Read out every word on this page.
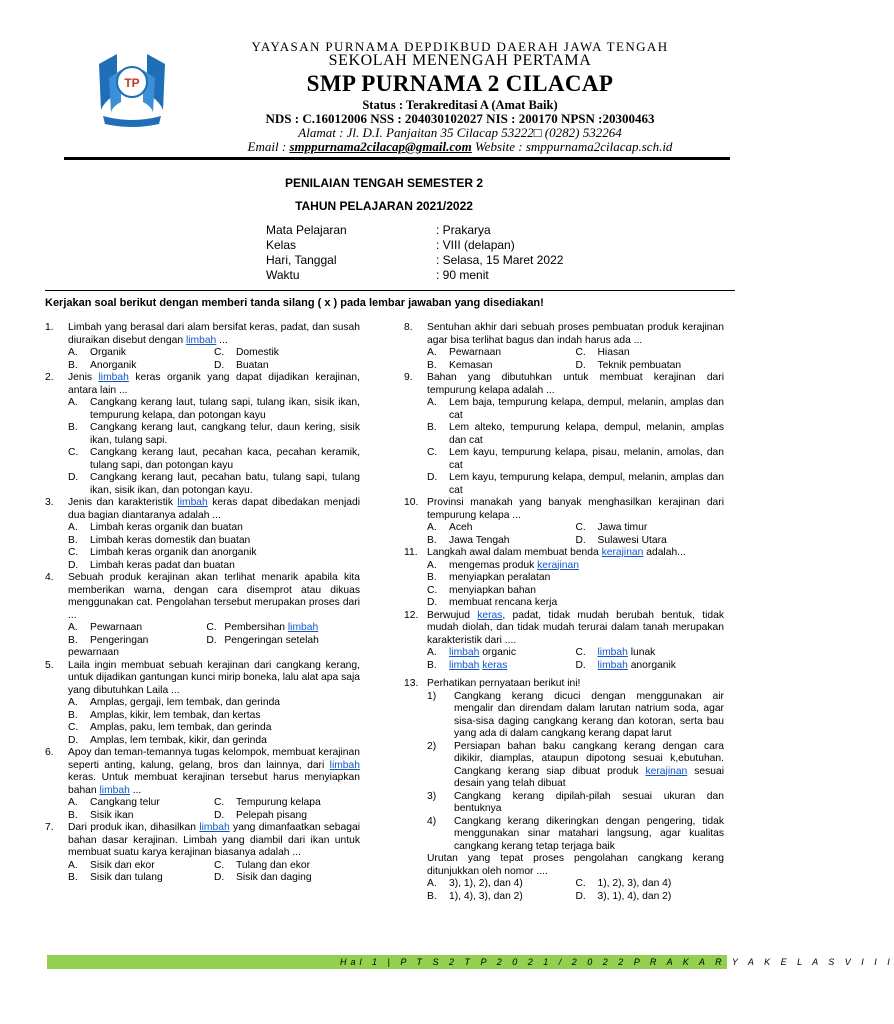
TP
YAYASAN PURNAMA DEPDIKBUD DAERAH JAWA TENGAH
SEKOLAH MENENGAH PERTAMA
SMP PURNAMA 2 CILACAP
Status : Terakreditasi A (Amat Baik)
NDS : C.16012006 NSS : 204030102027 NIS : 200170 NPSN :20300463
Alamat : Jl. D.I. Panjaitan 35 Cilacap 53222□ (0282) 532264
Email : smppurnama2cilacap@gmail.com Website : smppurnama2cilacap.sch.id
PENILAIAN TENGAH SEMESTER 2
TAHUN PELAJARAN 2021/2022
Mata Pelajaran	: Prakarya
Kelas	: VIII (delapan)
Hari, Tanggal	: Selasa, 15 Maret 2022
Waktu	: 90 menit
Kerjakan soal berikut dengan memberi tanda silang ( x ) pada lembar jawaban yang disediakan!
1.	Limbah yang berasal dari alam bersifat keras, padat, dan susah diuraikan disebut dengan limbah ...
A.	Organik	C.	Domestik
B.	Anorganik	D.	Buatan
2.	Jenis limbah keras organik yang dapat dijadikan kerajinan, antara lain ...
A.	Cangkang kerang laut, tulang sapi, tulang ikan, sisik ikan, tempurung kelapa, dan potongan kayu
B.	Cangkang kerang laut, cangkang telur, daun kering, sisik ikan, tulang sapi.
C.	Cangkang kerang laut, pecahan kaca, pecahan keramik, tulang sapi, dan potongan kayu
D.	Cangkang kerang laut, pecahan batu, tulang sapi, tulang ikan, sisik ikan, dan potongan kayu.
3.	Jenis dan karakteristik limbah keras dapat dibedakan menjadi dua bagian diantaranya adalah ...
A.	Limbah keras organik dan buatan
B.	Limbah keras domestik dan buatan
C.	Limbah keras organik dan anorganik
D.	Limbah keras padat dan buatan
4.	Sebuah produk kerajinan akan terlihat menarik apabila kita memberikan warna, dengan cara disemprot atau dikuas menggunakan cat. Pengolahan tersebut merupakan proses dari ...
A.	Pewarnaan	C. Pembersihan limbah
B.	Pengeringan	D. Pengeringan setelah
pewarnaan
5.	Laila ingin membuat sebuah kerajinan dari cangkang kerang, untuk dijadikan gantungan kunci mirip boneka, lalu alat apa saja yang dibutuhkan Laila ...
A.	Amplas, gergaji, lem tembak, dan gerinda
B.	Amplas, kikir, lem tembak, dan kertas
C.	Amplas, paku, lem tembak, dan gerinda
D.	Amplas, lem tembak, kikir, dan gerinda
6.	Apoy dan teman-temannya tugas kelompok, membuat kerajinan seperti anting, kalung, gelang, bros dan lainnya, dari limbah keras. Untuk membuat kerajinan tersebut harus menyiapkan bahan limbah ...
A.	Cangkang telur	C.	Tempurung kelapa
B.	Sisik ikan	D.	Pelepah pisang
7.	Dari produk ikan, dihasilkan limbah yang dimanfaatkan sebagai bahan dasar kerajinan. Limbah yang diambil dari ikan untuk membuat suatu karya kerajinan biasanya adalah ...
A.	Sisik dan ekor	C.	Tulang dan ekor
B.	Sisik dan tulang	D.	Sisik dan daging
8.	Sentuhan akhir dari sebuah proses pembuatan produk kerajinan agar bisa terlihat bagus dan indah harus ada ...
A.	Pewarnaan	C.	Hiasan
B.	Kemasan	D.	Teknik pembuatan
9.	Bahan yang dibutuhkan untuk membuat kerajinan dari tempurung kelapa adalah ...
A.	Lem baja, tempurung kelapa, dempul, melanin, amplas dan cat
B.	Lem alteko, tempurung kelapa, dempul, melanin, amplas dan cat
C.	Lem kayu, tempurung kelapa, pisau, melanin, amolas, dan cat
D.	Lem kayu, tempurung kelapa, dempul, melanin, amplas dan cat
10. Provinsi manakah yang banyak menghasilkan kerajinan dari tempurung kelapa ...
A.	Aceh	C.	Jawa timur
B.	Jawa Tengah	D.	Sulawesi Utara
11. Langkah awal dalam membuat benda kerajinan adalah...
A.	mengemas produk kerajinan
B.	menyiapkan peralatan
C.	menyiapkan bahan
D.	membuat rencana kerja
12. Berwujud keras, padat, tidak mudah berubah bentuk, tidak mudah diolah, dan tidak mudah terurai dalam tanah merupakan karakteristik dari ....
A.	limbah organic	C.	limbah lunak
B.	limbah keras	D.	limbah anorganik
13. Perhatikan pernyataan berikut ini!
1)	Cangkang kerang dicuci dengan menggunakan air mengalir dan direndam dalam larutan natrium soda, agar sisa-sisa daging cangkang kerang dan kotoran, serta bau yang ada di dalam cangkang kerang dapat larut
2)	Persiapan bahan baku cangkang kerang dengan cara dikikir, diamplas, ataupun dipotong sesuai k,ebutuhan. Cangkang kerang siap dibuat produk kerajinan sesuai desain yang telah dibuat
3)	Cangkang kerang dipilah-pilah sesuai ukuran dan bentuknya
4)	Cangkang kerang dikeringkan dengan pengering, tidak menggunakan sinar matahari langsung, agar kualitas cangkang kerang tetap terjaga baik
Urutan yang tepat proses pengolahan cangkang kerang ditunjukkan oleh nomor ....
A.	3), 1), 2), dan 4)	C.	1), 2), 3), dan 4)
B.	1), 4), 3), dan 2)	D.	3), 1), 4), dan 2)
Hal 1 | P T S 2 T P 2 0 2 1 / 2 0 2 2 P R A K A R Y A K E L A S V I I I
